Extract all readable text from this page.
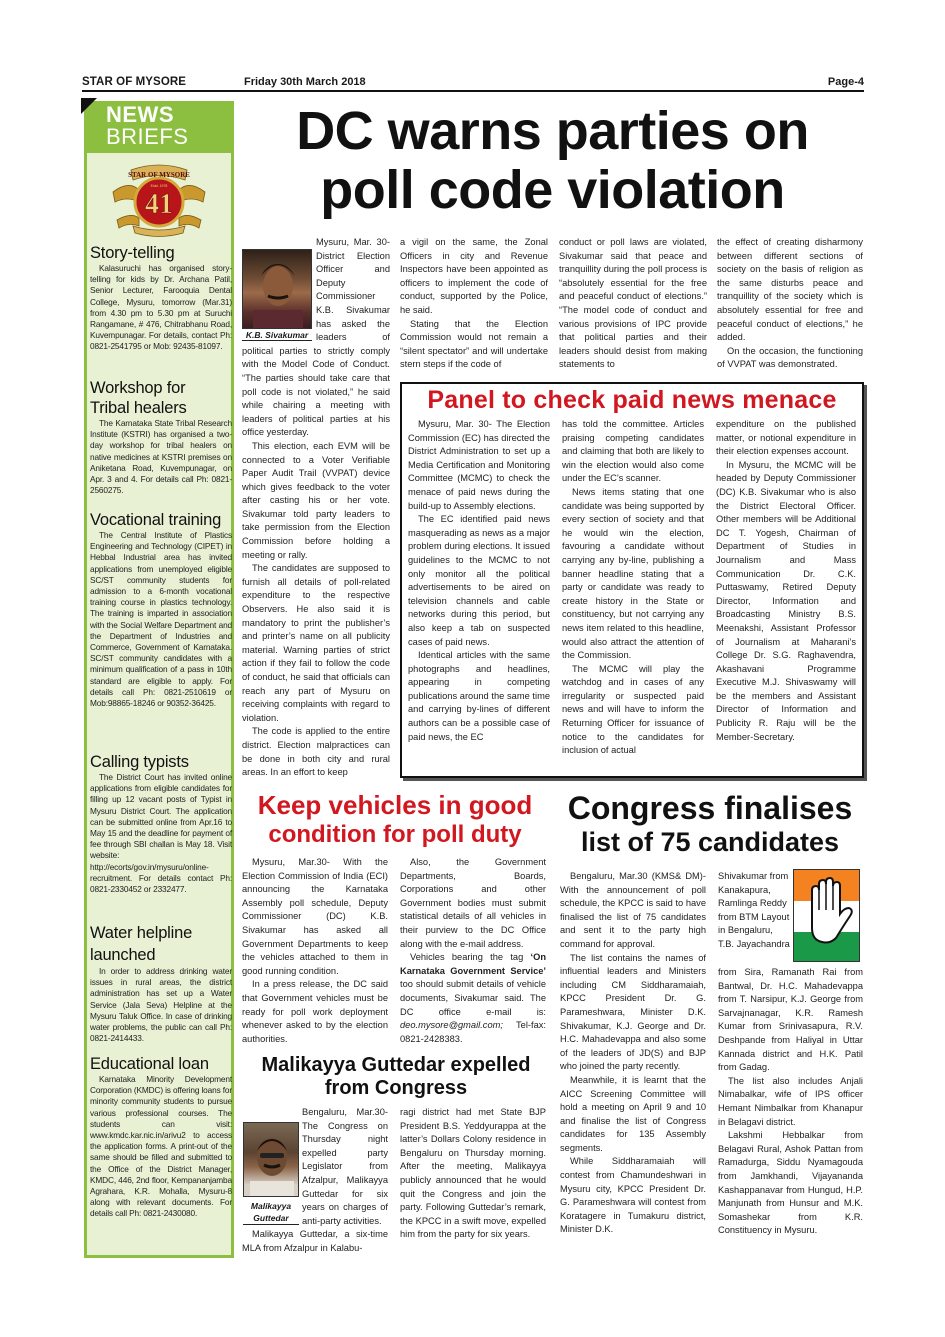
STAR OF MYSORE	Friday 30th March 2018	Page-4
NEWS
BRIEFS
41
STAR OF MYSORE
Estd. 1978
Story-telling
Kalasuruchi has organised story-telling for kids by Dr. Archana Patil, Senior Lecturer, Farooquia Dental College, Mysuru, tomorrow (Mar.31) from 4.30 pm to 5.30 pm at Suruchi Rangamane, # 476, Chitrabhanu Road, Kuvempunagar. For details, contact Ph: 0821-2541795 or Mob: 92435-81097.
Workshop for Tribal healers
The Karnataka State Tribal Research Institute (KSTRI) has organised a two-day workshop for tribal healers on native medicines at KSTRI premises on Aniketana Road, Kuvempunagar, on Apr. 3 and 4. For details call Ph: 0821-2560275.
Vocational training
The Central Institute of Plastics Engineering and Technology (CIPET) in Hebbal Industrial area has invited applications from unemployed eligible SC/ST community students for admission to a 6-month vocational training course in plastics technology. The training is imparted in association with the Social Welfare Department and the Department of Industries and Commerce, Government of Karnataka. SC/ST community candidates with a minimum qualification of a pass in 10th standard are eligible to apply. For details call Ph: 0821-2510619 or Mob:98865-18246 or 90352-36425.
Calling typists
The District Court has invited online applications from eligible candidates for filling up 12 vacant posts of Typist in Mysuru District Court. The application can be submitted online from Apr.16 to May 15 and the deadline for payment of fee through SBI challan is May 18. Visit website: http://ecorts/gov.in/mysuru/online-recruitment. For details contact Ph: 0821-2330452 or 2332477.
Water helpline launched
In order to address drinking water issues in rural areas, the district administration has set up a Water Service (Jala Seva) Helpline at the Mysuru Taluk Office. In case of drinking water problems, the public can call Ph: 0821-2414433.
Educational loan
Karnataka Minority Development Corporation (KMDC) is offering loans for minority community students to pursue various professional courses. The students can visit: www.kmdc.kar.nic.in/arivu2 to access the application forms. A print-out of the same should be filled and submitted to the Office of the District Manager, KMDC, 446, 2nd floor, Kempananjamba Agrahara, K.R. Mohalla, Mysuru-8 along with relevant documents. For details call Ph: 0821-2430080.
DC warns parties on
poll code violation
K.B. Sivakumar

Mysuru, Mar. 30- District Election Officer and Deputy Commissioner K.B. Sivakumar has asked the leaders of political parties to strictly comply with the Model Code of Conduct. “The parties should take care that poll code is not violated,” he said while chairing a meeting with leaders of political parties at his office yesterday.

This election, each EVM will be connected to a Voter Verifiable Paper Audit Trail (VVPAT) device which gives feedback to the voter after casting his or her vote. Sivakumar told party leaders to take permission from the Election Commission before holding a meeting or rally.

The candidates are supposed to furnish all details of poll-related expenditure to the respective Observers. He also said it is mandatory to print the publisher’s and printer’s name on all publicity material. Warning parties of strict action if they fail to follow the code of conduct, he said that officials can reach any part of Mysuru on receiving complaints with regard to violation.

The code is applied to the entire district. Election malpractices can be done in both city and rural areas. In an effort to keep

a vigil on the same, the Zonal Officers in city and Revenue Inspectors have been appointed as officers to implement the code of conduct, supported by the Police, he said.

Stating that the Election Commission would not remain a “silent spectator” and will undertake stern steps if the code of

conduct or poll laws are violated, Sivakumar said that peace and tranquillity during the poll process is “absolutely essential for the free and peaceful conduct of elections.” “The model code of conduct and various provisions of IPC provide that political parties and their leaders should desist from making statements to

the effect of creating disharmony between different sections of society on the basis of religion as the same disturbs peace and tranquillity of the society which is absolutely essential for free and peaceful conduct of elections,” he added.

On the occasion, the functioning of VVPAT was demonstrated.

Panel to check paid news menace

Mysuru, Mar. 30- The Election Commission (EC) has directed the District Administration to set up a Media Certification and Monitoring Committee (MCMC) to check the menace of paid news during the build-up to Assembly elections.

The EC identified paid news masquerading as news as a major problem during elections. It issued guidelines to the MCMC to not only monitor all the political advertisements to be aired on television channels and cable networks during this period, but also keep a tab on suspected cases of paid news.

Identical articles with the same photographs and headlines, appearing in competing publications around the same time and carrying by-lines of different authors can be a possible case of paid news, the EC

has told the committee. Articles praising competing candidates and claiming that both are likely to win the election would also come under the EC’s scanner.

News items stating that one candidate was being supported by every section of society and that he would win the election, favouring a candidate without carrying any by-line, publishing a banner headline stating that a party or candidate was ready to create history in the State or constituency, but not carrying any news item related to this headline, would also attract the attention of the Commission.

The MCMC will play the watchdog and in cases of any irregularity or suspected paid news and will have to inform the Returning Officer for issuance of notice to the candidates for inclusion of actual

expenditure on the published matter, or notional expenditure in their election expenses account.

In Mysuru, the MCMC will be headed by Deputy Commissioner (DC) K.B. Sivakumar who is also the District Electoral Officer. Other members will be Additional DC T. Yogesh, Chairman of Department of Studies in Journalism and Mass Communication Dr. C.K. Puttaswamy, Retired Deputy Director, Information and Broadcasting Ministry B.S. Meenakshi, Assistant Professor of Journalism at Maharani’s College Dr. S.G. Raghavendra, Akashavani Programme Executive M.J. Shivaswamy will be the members and Assistant Director of Information and Publicity R. Raju will be the Member-Secretary.

Keep vehicles in good
condition for poll duty

Mysuru, Mar.30- With the Election Commission of India (ECI) announcing the Karnataka Assembly poll schedule, Deputy Commissioner (DC) K.B. Sivakumar has asked all Government Departments to keep the vehicles attached to them in good running condition.

In a press release, the DC said that Government vehicles must be ready for poll work deployment whenever asked to by the election authorities.

Also, the Government Departments, Boards, Corporations and other Government bodies must submit statistical details of all vehicles in their purview to the DC Office along with the e-mail address.

Vehicles bearing the tag ‘On Karnataka Government Service’ too should submit details of vehicle documents, Sivakumar said. The DC office e-mail is: deo.mysore@gmail.com; Tel-fax: 0821-2428383.

Malikayya Guttedar expelled
from Congress
Malikayya
Guttedar

Bengaluru, Mar.30- The Congress on Thursday night expelled party Legislator from Afzalpur, Malikayya Guttedar for six years on charges of anti-party activities.

Malikayya Guttedar, a six-time MLA from Afzalpur in Kalabu-

ragi district had met State BJP President B.S. Yeddyurappa at the latter’s Dollars Colony residence in Bengaluru on Thursday morning. After the meeting, Malikayya publicly announced that he would quit the Congress and join the party. Following Guttedar’s remark, the KPCC in a swift move, expelled him from the party for six years.

Congress finalises
list of 75 candidates

Bengaluru, Mar.30 (KMS& DM)- With the announcement of poll schedule, the KPCC is said to have finalised the list of 75 candidates and sent it to the party high command for approval.

The list contains the names of influential leaders and Ministers including CM Siddharamaiah, KPCC President Dr. G. Parameshwara, Minister D.K. Shivakumar, K.J. George and Dr. H.C. Mahadevappa and also some of the leaders of JD(S) and BJP who joined the party recently.

Meanwhile, it is learnt that the AICC Screening Committee will hold a meeting on April 9 and 10 and finalise the list of Congress candidates for 135 Assembly segments.

While Siddharamaiah will contest from Chamundeshwari in Mysuru city, KPCC President Dr. G. Parameshwara will contest from Koratagere in Tumakuru district, Minister D.K.

Shivakumar from Kanakapura, Ramlinga Reddy from BTM Layout in Bengaluru, T.B. Jayachandra

from Sira, Ramanath Rai from Bantwal, Dr. H.C. Mahadevappa from T. Narsipur, K.J. George from Sarvajnanagar, K.R. Ramesh Kumar from Srinivasapura, R.V. Deshpande from Haliyal in Uttar Kannada district and H.K. Patil from Gadag.

The list also includes Anjali Nimabalkar, wife of IPS officer Hemant Nimbalkar from Khanapur in Belagavi district.

Lakshmi Hebbalkar from Belagavi Rural, Ashok Pattan from Ramadurga, Siddu Nyamagouda from Jamkhandi, Vijayananda Kashappanavar from Hungud, H.P. Manjunath from Hunsur and M.K. Somashekar from K.R. Constituency in Mysuru.
